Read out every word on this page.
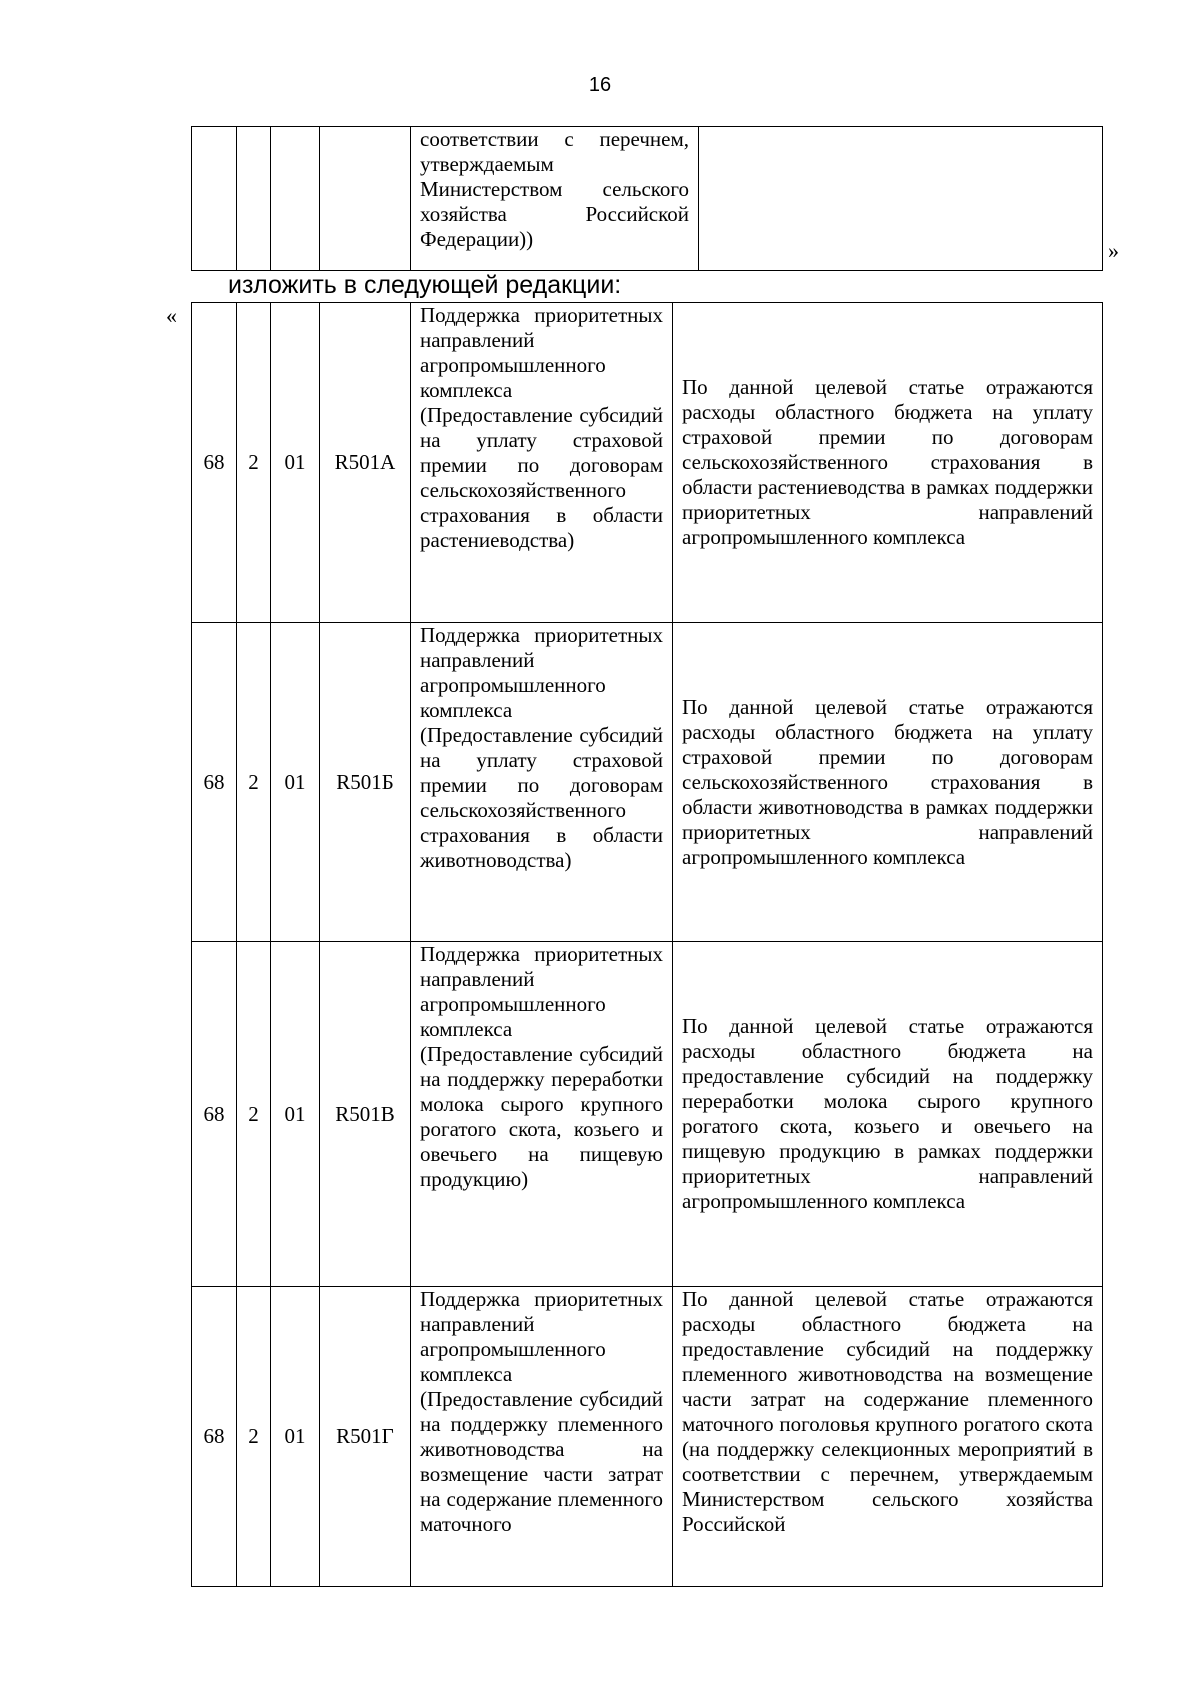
16
				соответствии с перечнем, утверждаемым Министерством сельского хозяйства Российской Федерации))		»
изложить в следующей редакции:
«
68	2	01	R501А	Поддержка приоритетных направлений агропромышленного комплекса (Предоставление субсидий на уплату страховой премии по договорам сельскохозяйственного страхования в области растениеводства)	По данной целевой статье отражаются расходы областного бюджета на уплату страховой премии по договорам сельскохозяйственного страхования в области растениеводства в рамках поддержки приоритетных направлений агропромышленного комплекса
68	2	01	R501Б	Поддержка приоритетных направлений агропромышленного комплекса (Предоставление субсидий на уплату страховой премии по договорам сельскохозяйственного страхования в области животноводства)	По данной целевой статье отражаются расходы областного бюджета на уплату страховой премии по договорам сельскохозяйственного страхования в области животноводства в рамках поддержки приоритетных направлений агропромышленного комплекса
68	2	01	R501В	Поддержка приоритетных направлений агропромышленного комплекса (Предоставление субсидий на поддержку переработки молока сырого крупного рогатого скота, козьего и овечьего на пищевую продукцию)	По данной целевой статье отражаются расходы областного бюджета на предоставление субсидий на поддержку переработки молока сырого крупного рогатого скота, козьего и овечьего на пищевую продукцию в рамках поддержки приоритетных направлений агропромышленного комплекса
68	2	01	R501Г	Поддержка приоритетных направлений агропромышленного комплекса (Предоставление субсидий на поддержку племенного животноводства на возмещение части затрат на содержание племенного маточного	По данной целевой статье отражаются расходы областного бюджета на предоставление субсидий на поддержку племенного животноводства на возмещение части затрат на содержание племенного маточного поголовья крупного рогатого скота (на поддержку селекционных мероприятий в соответствии с перечнем, утверждаемым Министерством сельского хозяйства Российской
